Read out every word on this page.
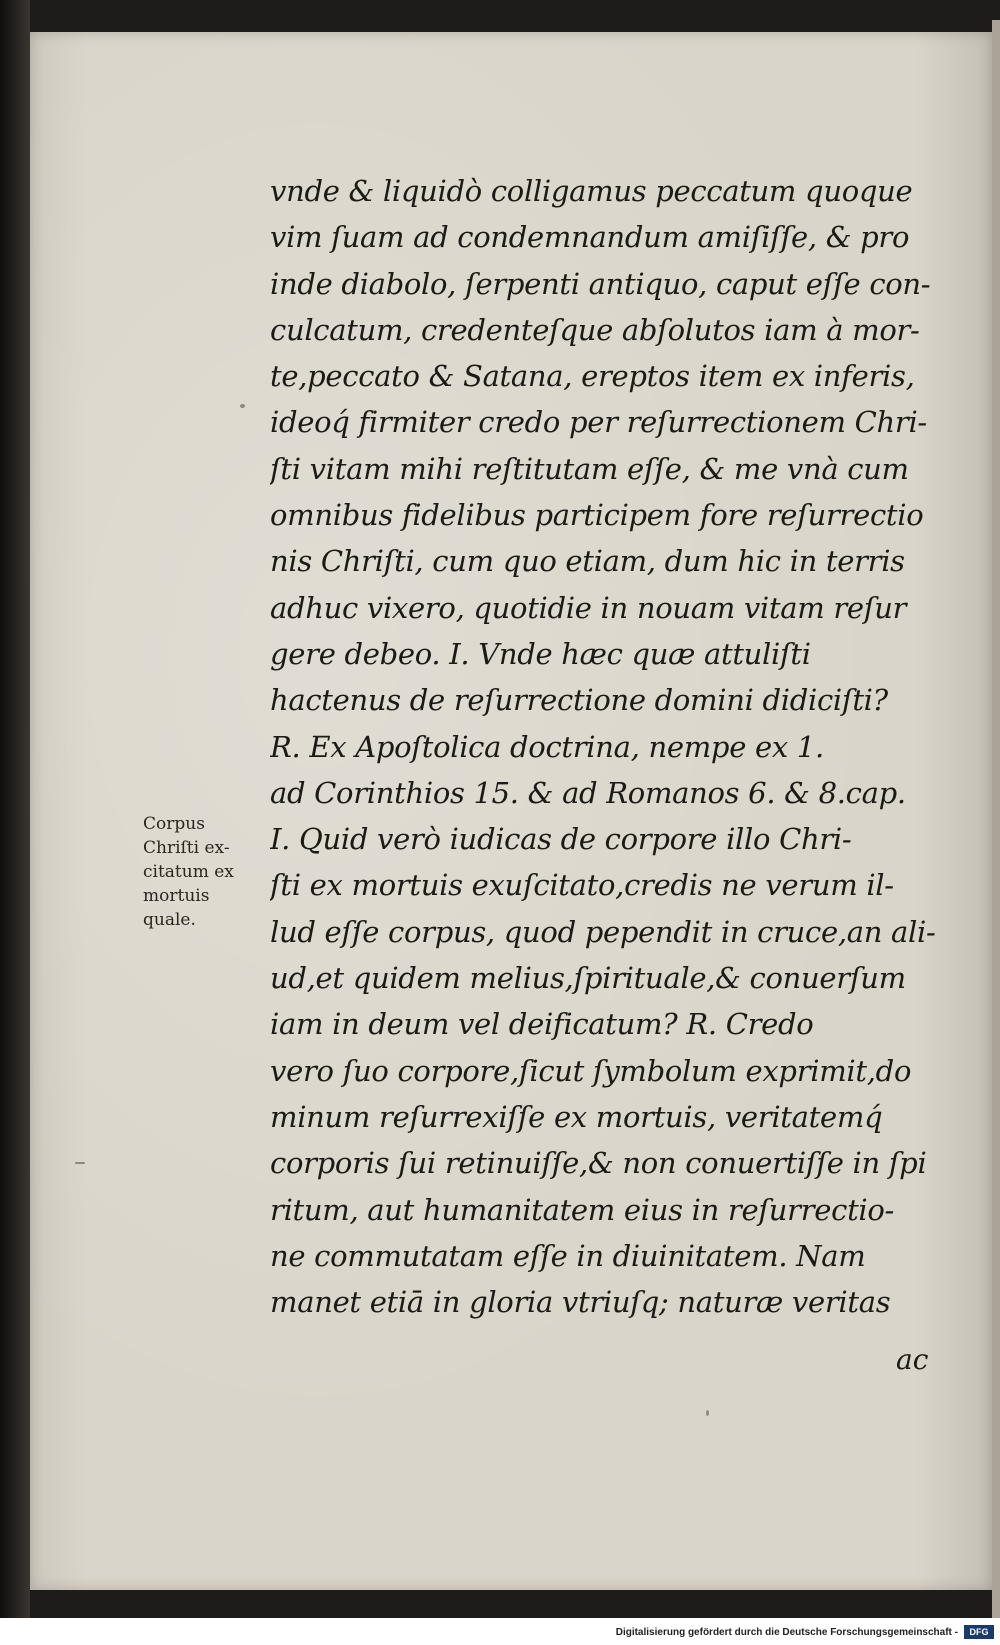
Corpus
Chriſti ex-
citatum ex
mortuis
quale.
vnde & liquidò colligamus peccatum quoque
vim ſuam ad condemnandum amiſiſſe, & pro
inde diabolo, ſerpenti antiquo, caput eſſe con-
culcatum, credenteſque abſolutos iam à mor-
te,peccato & Satana, ereptos item ex inferis,
ideoq́ firmiter credo per reſurrectionem Chri-
ſti vitam mihi reſtitutam eſſe, & me vnà cum
omnibus fidelibus participem fore reſurrectio
nis Chriſti, cum quo etiam, dum hic in terris
adhuc vixero, quotidie in nouam vitam reſur
gere debeo. I. Vnde hæc quæ attuliſti
hactenus de reſurrectione domini didiciſti?
R. Ex Apoſtolica doctrina, nempe ex 1.
ad Corinthios 15. & ad Romanos 6. & 8.cap.
I. Quid verò iudicas de corpore illo Chri-
ſti ex mortuis exuſcitato,credis ne verum il-
lud eſſe corpus, quod pependit in cruce,an ali-
ud,et quidem melius,ſpirituale,& conuerſum
iam in deum vel deificatum? R. Credo
vero ſuo corpore,ſicut ſymbolum exprimit,do
minum reſurrexiſſe ex mortuis, veritatemq́
corporis ſui retinuiſſe,& non conuertiſſe in ſpi
ritum, aut humanitatem eius in reſurrectio-
ne commutatam eſſe in diuinitatem. Nam
manet etiā in gloria vtriuſq; naturæ veritas
ac
Digitalisierung gefördert durch die Deutsche Forschungsgemeinschaft -	DFG
